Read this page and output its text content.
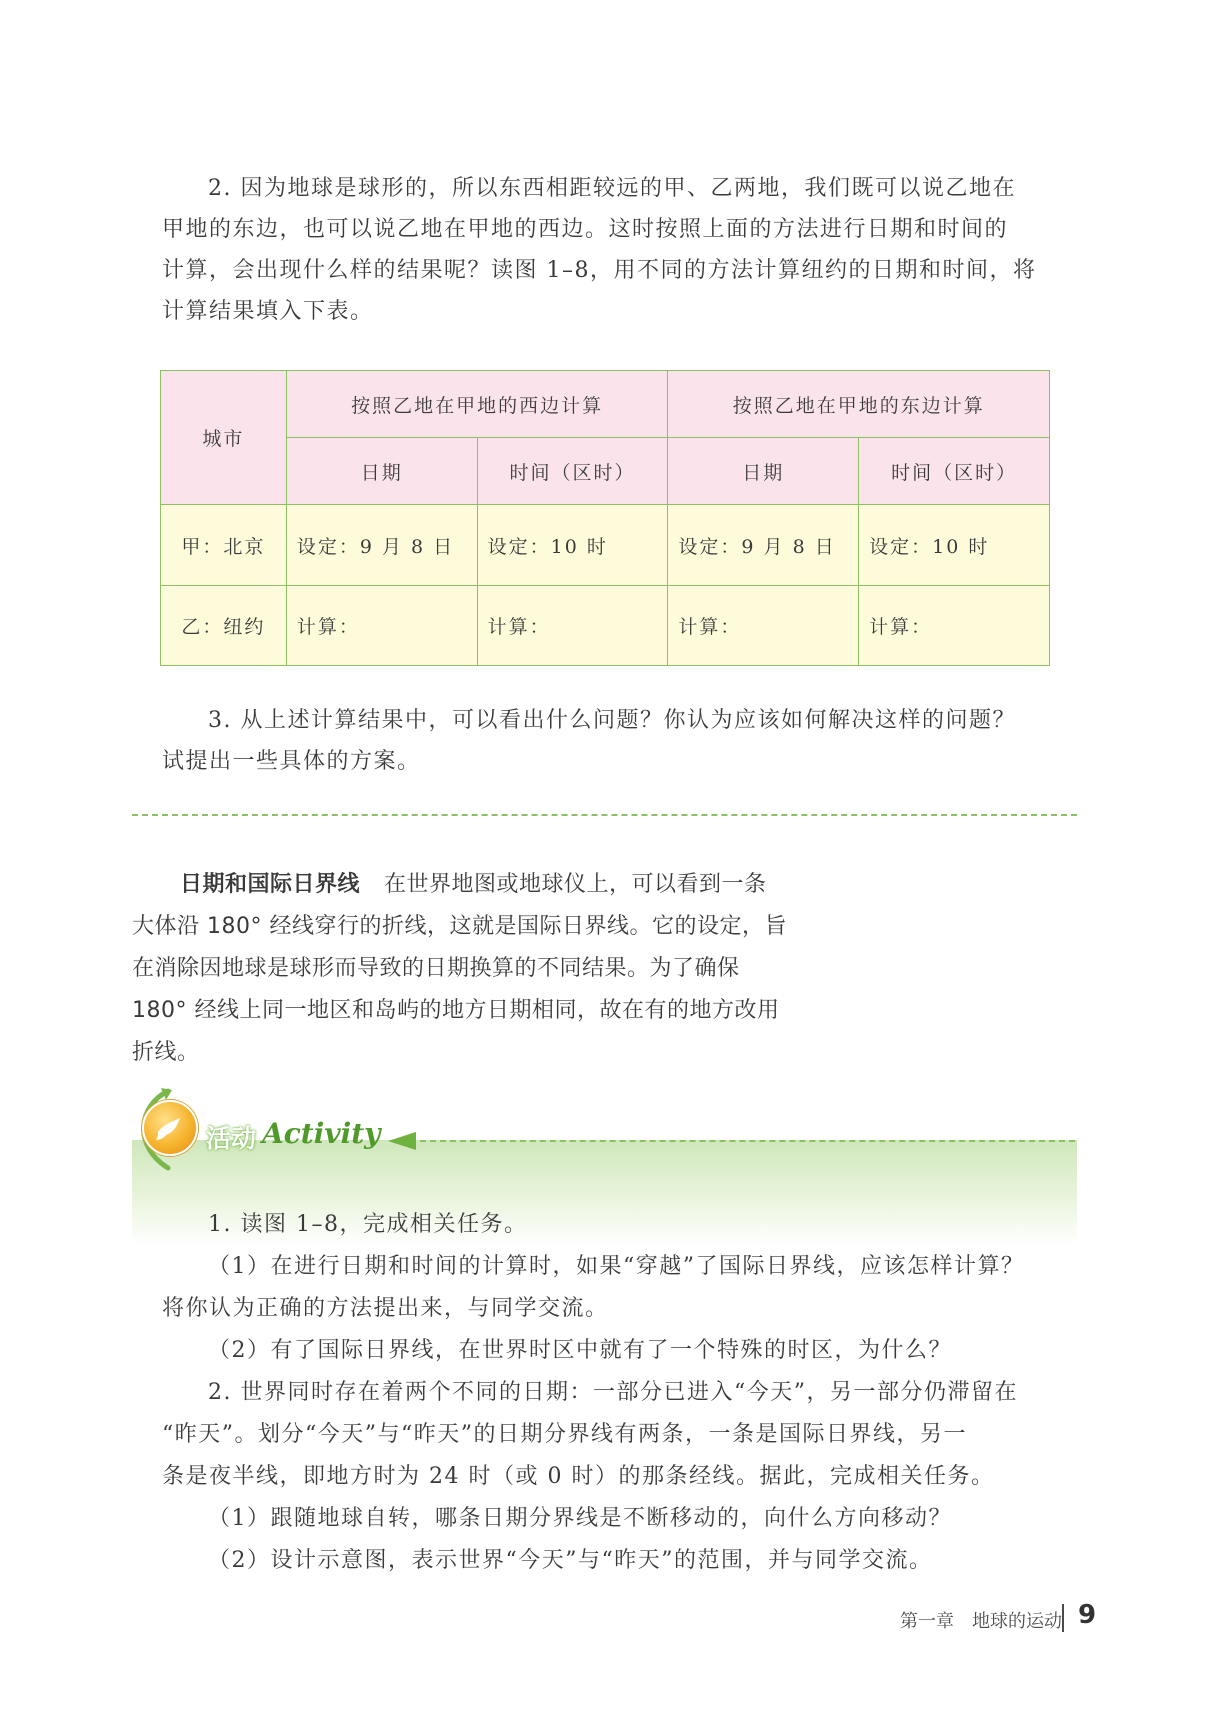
2. 因为地球是球形的，所以东西相距较远的甲、乙两地，我们既可以说乙地在
甲地的东边，也可以说乙地在甲地的西边。这时按照上面的方法进行日期和时间的
计算，会出现什么样的结果呢？读图 1–8，用不同的方法计算纽约的日期和时间，将
计算结果填入下表。
城市	按照乙地在甲地的西边计算		按照乙地在甲地的东边计算	
	日期	时间（区时）	日期	时间（区时）
甲：北京	设定：9 月 8 日	设定：10 时	设定：9 月 8 日	设定：10 时
乙：纽约	计算：	计算：	计算：	计算：
3. 从上述计算结果中，可以看出什么问题？你认为应该如何解决这样的问题？
试提出一些具体的方案。
日期和国际日界线 在世界地图或地球仪上，可以看到一条
大体沿 180° 经线穿行的折线，这就是国际日界线。它的设定，旨
在消除因地球是球形而导致的日期换算的不同结果。为了确保
180° 经线上同一地区和岛屿的地方日期相同，故在有的地方改用
折线。
活动 Activity
1. 读图 1–8，完成相关任务。
（1）在进行日期和时间的计算时，如果“穿越”了国际日界线，应该怎样计算？
将你认为正确的方法提出来，与同学交流。
（2）有了国际日界线，在世界时区中就有了一个特殊的时区，为什么？
2. 世界同时存在着两个不同的日期：一部分已进入“今天”，另一部分仍滞留在
“昨天”。划分“今天”与“昨天”的日期分界线有两条，一条是国际日界线，另一
条是夜半线，即地方时为 24 时（或 0 时）的那条经线。据此，完成相关任务。
（1）跟随地球自转，哪条日期分界线是不断移动的，向什么方向移动？
（2）设计示意图，表示世界“今天”与“昨天”的范围，并与同学交流。
第一章　地球的运动 9
